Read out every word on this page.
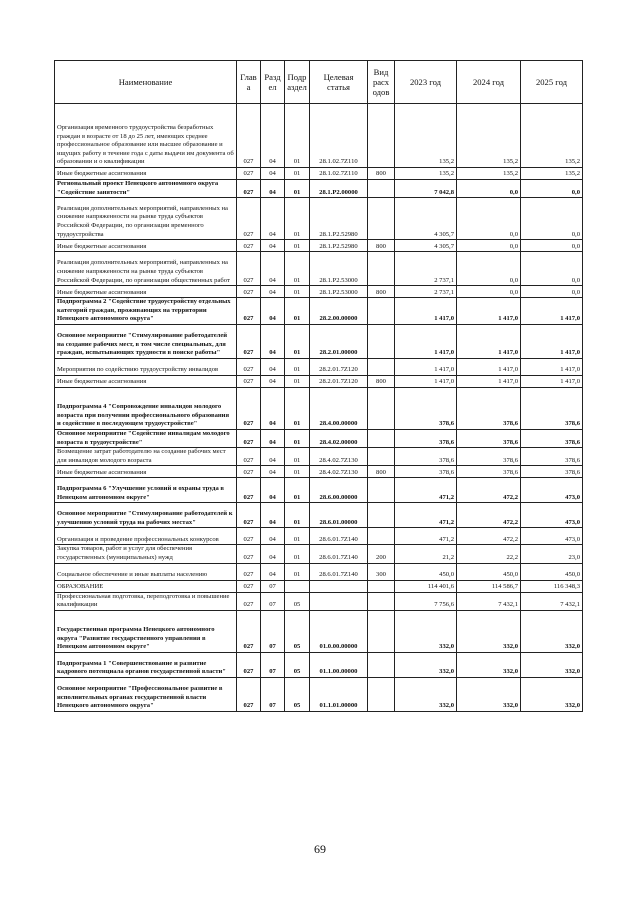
Наименование	Глав а	Разд ел	Подр аздел	Целевая статья	Вид расх одов	2023 год	2024 год	2025 год
Организация временного трудоустройства безработных граждан в возрасте от 18 до 25 лет, имеющих среднее профессиональное образование или высшее образование и ищущих работу в течение года с даты выдачи им документа об образовании и о квалификации	027	04	01	28.1.02.7Z110		135,2	135,2	135,2
Иные бюджетные ассигнования	027	04	01	28.1.02.7Z110	800	135,2	135,2	135,2
Региональный проект Ненецкого автономного округа "Содействие занятости"	027	04	01	28.1.P2.00000		7 042,8	0,0	0,0
Реализация дополнительных мероприятий, направленных на снижение напряженности на рынке труда субъектов Российской Федерации, по организации временного трудоустройства	027	04	01	28.1.P2.52980		4 305,7	0,0	0,0
Иные бюджетные ассигнования	027	04	01	28.1.P2.52980	800	4 305,7	0,0	0,0
Реализация дополнительных мероприятий, направленных на снижение напряженности на рынке труда субъектов Российской Федерации, по организации общественных работ	027	04	01	28.1.P2.53000		2 737,1	0,0	0,0
Иные бюджетные ассигнования	027	04	01	28.1.P2.53000	800	2 737,1	0,0	0,0
Подпрограмма 2 "Содействие трудоустройству отдельных категорий граждан, проживающих на территории Ненецкого автономного округа"	027	04	01	28.2.00.00000		1 417,0	1 417,0	1 417,0
Основное мероприятие "Стимулирование работодателей на создание рабочих мест, в том числе специальных, для граждан, испытывающих трудности в поиске работы"	027	04	01	28.2.01.00000		1 417,0	1 417,0	1 417,0
Мероприятия по содействию трудоустройству инвалидов	027	04	01	28.2.01.7Z120		1 417,0	1 417,0	1 417,0
Иные бюджетные ассигнования	027	04	01	28.2.01.7Z120	800	1 417,0	1 417,0	1 417,0
Подпрограмма 4 "Сопровождение инвалидов молодого возраста при получении профессионального образования и содействие в последующем трудоустройстве"	027	04	01	28.4.00.00000		378,6	378,6	378,6
Основное мероприятие "Содействие инвалидам молодого возраста в трудоустройстве"	027	04	01	28.4.02.00000		378,6	378,6	378,6
Возмещение затрат работодателю на создание рабочих мест для инвалидов молодого возраста	027	04	01	28.4.02.7Z130		378,6	378,6	378,6
Иные бюджетные ассигнования	027	04	01	28.4.02.7Z130	800	378,6	378,6	378,6
Подпрограмма 6 "Улучшение условий и охраны труда в Ненецком автономном округе"	027	04	01	28.6.00.00000		471,2	472,2	473,0
Основное мероприятие "Стимулирование работодателей к улучшению условий труда на рабочих местах"	027	04	01	28.6.01.00000		471,2	472,2	473,0
Организация и проведение профессиональных конкурсов	027	04	01	28.6.01.7Z140		471,2	472,2	473,0
Закупка товаров, работ и услуг для обеспечения государственных (муниципальных) нужд	027	04	01	28.6.01.7Z140	200	21,2	22,2	23,0
Социальное обеспечение и иные выплаты населению	027	04	01	28.6.01.7Z140	300	450,0	450,0	450,0
ОБРАЗОВАНИЕ	027	07				114 401,6	114 586,7	116 348,3
Профессиональная подготовка, переподготовка и повышение квалификации	027	07	05			7 756,6	7 432,1	7 432,1
Государственная программа Ненецкого автономного округа "Развитие государственного управления в Ненецком автономном округе"	027	07	05	01.0.00.00000		332,0	332,0	332,0
Подпрограмма 1 "Совершенствование и развитие кадрового потенциала органов государственной власти"	027	07	05	01.1.00.00000		332,0	332,0	332,0
Основное мероприятие "Профессиональное развитие в исполнительных органах государственной власти Ненецкого автономного округа"	027	07	05	01.1.01.00000		332,0	332,0	332,0
69
